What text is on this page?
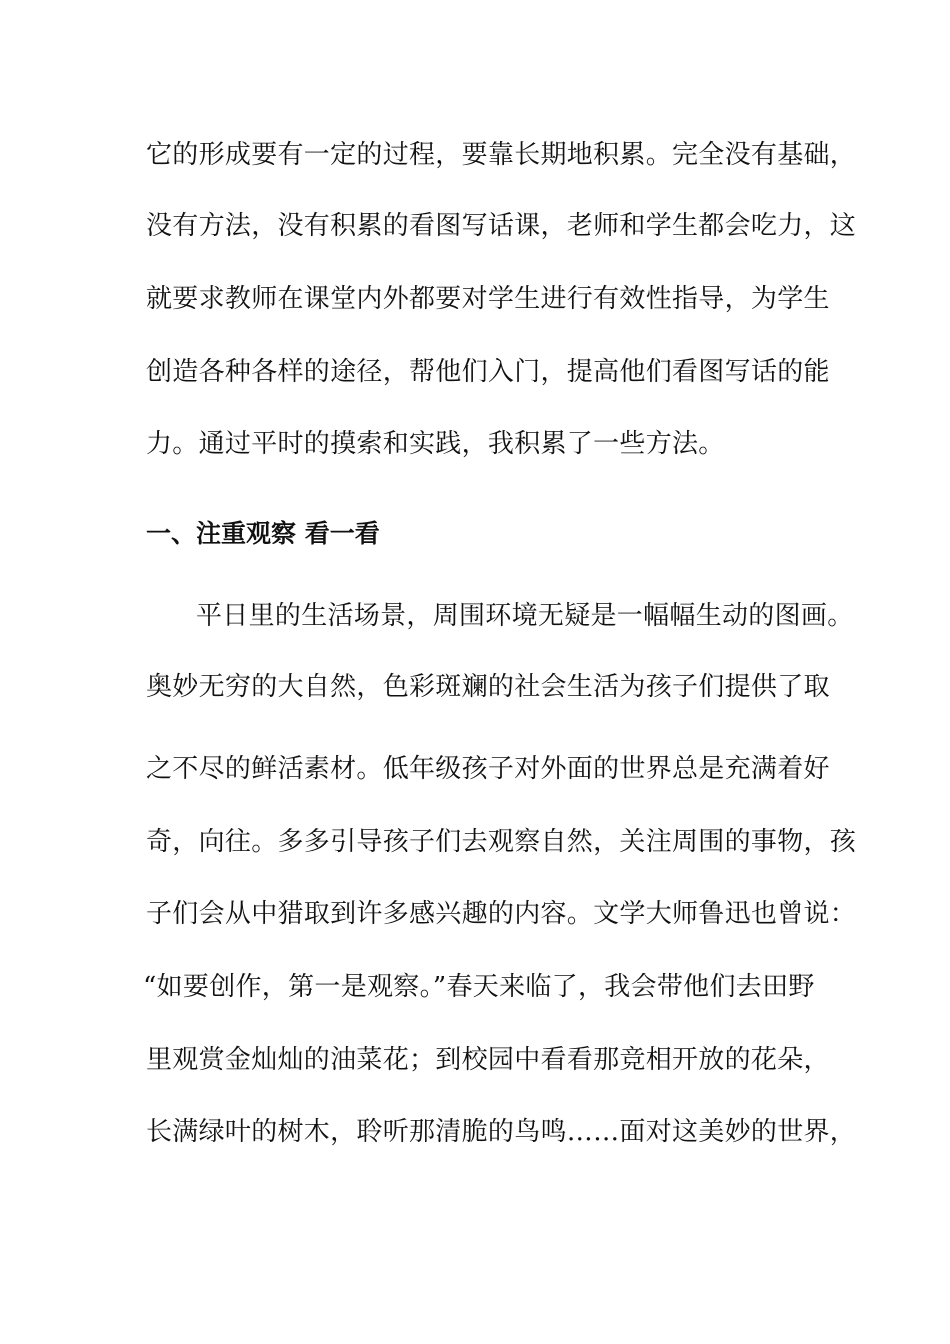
它的形成要有一定的过程，要靠长期地积累。完全没有基础，
没有方法，没有积累的看图写话课，老师和学生都会吃力，这
就要求教师在课堂内外都要对学生进行有效性指导，为学生
创造各种各样的途径，帮他们入门，提高他们看图写话的能
力。通过平时的摸索和实践，我积累了一些方法。
一、注重观察 看一看
平日里的生活场景，周围环境无疑是一幅幅生动的图画。
奥妙无穷的大自然，色彩斑斓的社会生活为孩子们提供了取
之不尽的鲜活素材。低年级孩子对外面的世界总是充满着好
奇，向往。多多引导孩子们去观察自然，关注周围的事物，孩
子们会从中猎取到许多感兴趣的内容。文学大师鲁迅也曾说：
“如要创作，第一是观察。”春天来临了，我会带他们去田野
里观赏金灿灿的油菜花；到校园中看看那竞相开放的花朵，
长满绿叶的树木，聆听那清脆的鸟鸣……面对这美妙的世界，
